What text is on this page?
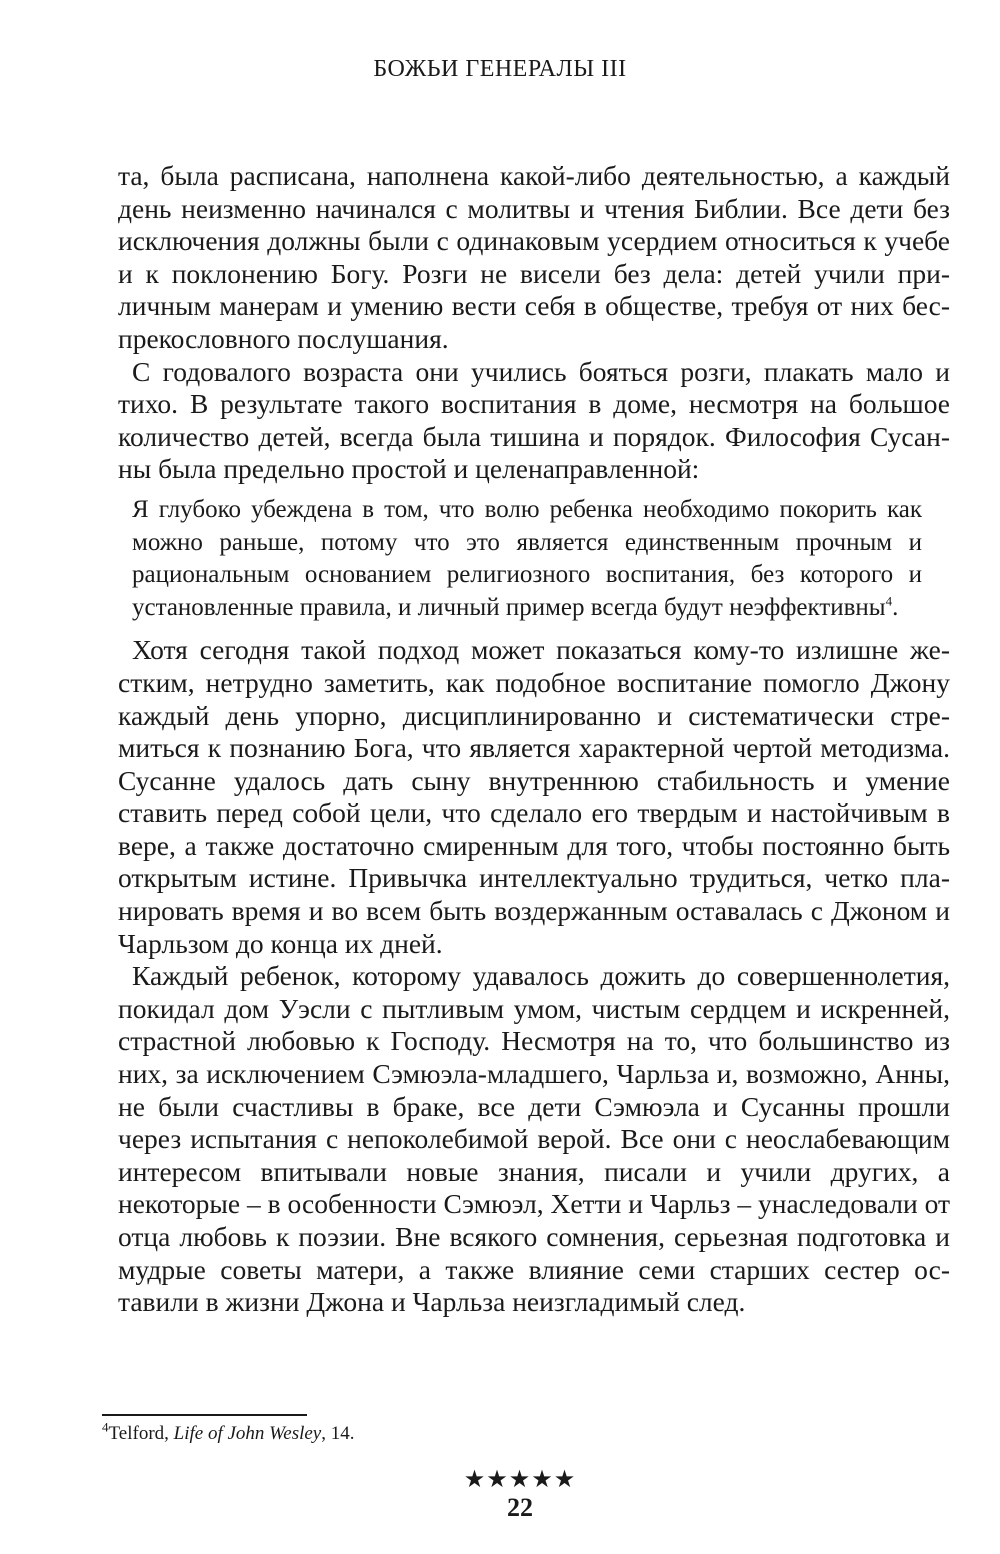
БОЖЬИ ГЕНЕРАЛЫ III

та, была расписана, наполнена какой-либо деятельностью, а каждый день неизменно начинался с молитвы и чтения Библии. Все дети без исключения должны были с одинаковым усердием относиться к учебе и к поклонению Богу. Розги не висели без дела: детей учили приличным манерам и умению вести себя в обществе, требуя от них беспрекословного послушания.

С годовалого возраста они учились бояться розги, плакать мало и тихо. В результате такого воспитания в доме, несмотря на большое количество детей, всегда была тишина и порядок. Философия Сусанны была предельно простой и целенаправленной:

Я глубоко убеждена в том, что волю ребенка необходимо покорить как можно раньше, потому что это является единственным прочным и рациональным основанием религиозного воспитания, без которого и установленные правила, и личный пример всегда будут неэффективны$^4$.

Хотя сегодня такой подход может показаться кому-то излишне жестким, нетрудно заметить, как подобное воспитание помогло Джону каждый день упорно, дисциплинированно и систематически стремиться к познанию Бога, что является характерной чертой методизма. Сусанне удалось дать сыну внутреннюю стабильность и умение ставить перед собой цели, что сделало его твердым и настойчивым в вере, а также достаточно смиренным для того, чтобы постоянно быть открытым истине. Привычка интеллектуально трудиться, четко планировать время и во всем быть воздержанным оставалась с Джоном и Чарльзом до конца их дней.

Каждый ребенок, которому удавалось дожить до совершеннолетия, покидал дом Уэсли с пытливым умом, чистым сердцем и искренней, страстной любовью к Господу. Несмотря на то, что большинство из них, за исключением Сэмюэла-младшего, Чарльза и, возможно, Анны, не были счастливы в браке, все дети Сэмюэла и Сусанны прошли через испытания с непоколебимой верой. Все они с неослабевающим интересом впитывали новые знания, писали и учили других, а некоторые – в особенности Сэмюэл, Хетти и Чарльз – унаследовали от отца любовь к поэзии. Вне всякого сомнения, серьезная подготовка и мудрые советы матери, а также влияние семи старших сестер оставили в жизни Джона и Чарльза неизгладимый след.

$^4$Telford, Life of John Wesley, 14.
★★★★★
22
